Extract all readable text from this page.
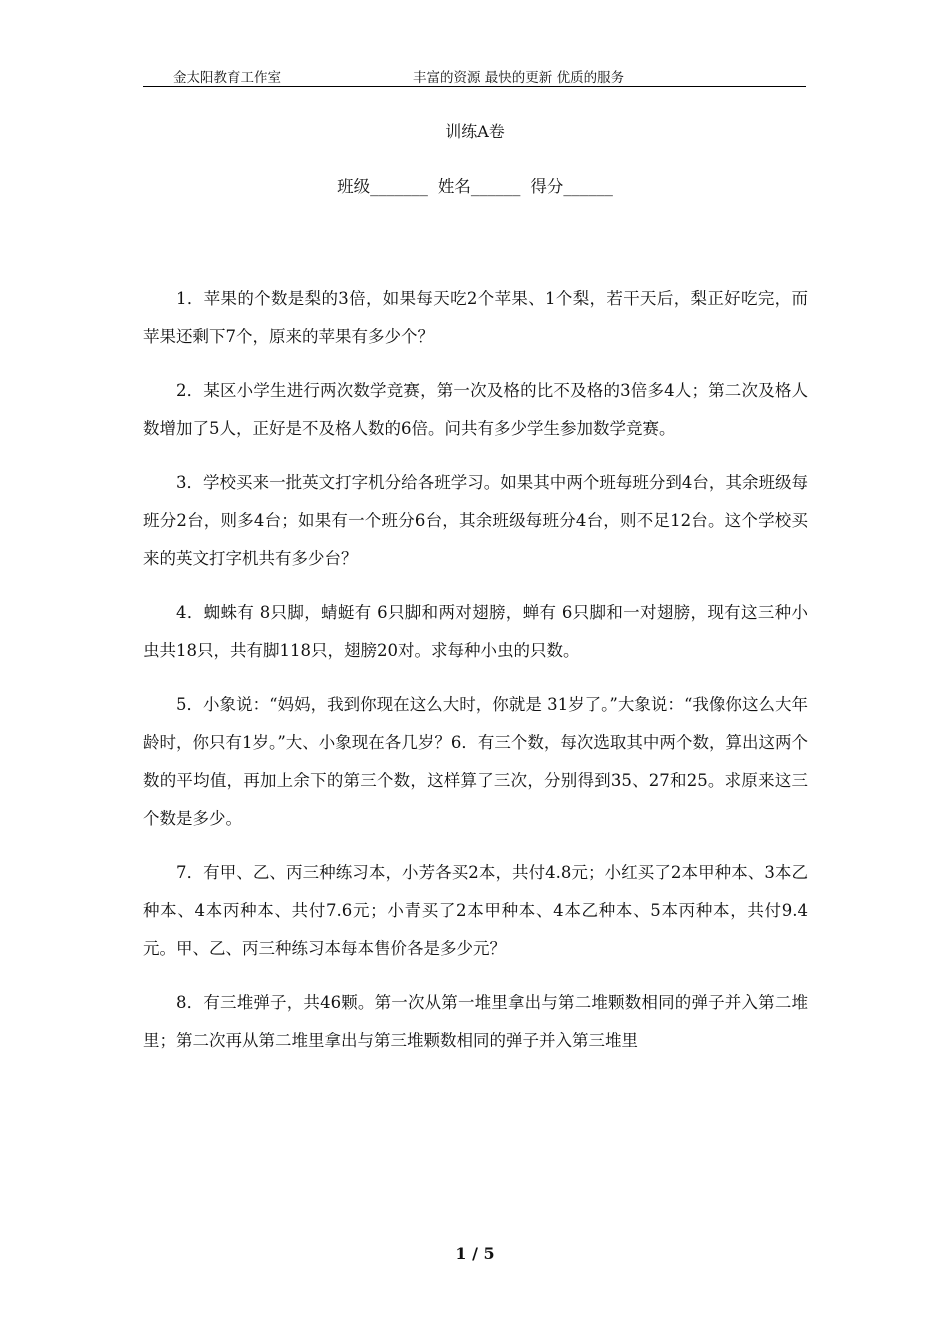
金太阳教育工作室	丰富的资源 最快的更新 优质的服务
训练A卷
班级_______ 姓名______ 得分______

1．苹果的个数是梨的3倍，如果每天吃2个苹果、1个梨，若干天后，梨正好吃完，而苹果还剩下7个，原来的苹果有多少个？

2．某区小学生进行两次数学竞赛，第一次及格的比不及格的3倍多4人；第二次及格人数增加了5人，正好是不及格人数的6倍。问共有多少学生参加数学竞赛。

3．学校买来一批英文打字机分给各班学习。如果其中两个班每班分到4台，其余班级每班分2台，则多4台；如果有一个班分6台，其余班级每班分4台，则不足12台。这个学校买来的英文打字机共有多少台？

4．蜘蛛有 8只脚，蜻蜓有 6只脚和两对翅膀，蝉有 6只脚和一对翅膀，现有这三种小虫共18只，共有脚118只，翅膀20对。求每种小虫的只数。

5．小象说：“妈妈，我到你现在这么大时，你就是 31岁了。”大象说：“我像你这么大年龄时，你只有1岁。”大、小象现在各几岁？6．有三个数，每次选取其中两个数，算出这两个数的平均值，再加上余下的第三个数，这样算了三次，分别得到35、27和25。求原来这三个数是多少。

7．有甲、乙、丙三种练习本，小芳各买2本，共付4.8元；小红买了2本甲种本、3本乙种本、4本丙种本、共付7.6元；小青买了2本甲种本、4本乙种本、5本丙种本，共付9.4元。甲、乙、丙三种练习本每本售价各是多少元？

8．有三堆弹子，共46颗。第一次从第一堆里拿出与第二堆颗数相同的弹子并入第二堆里；第二次再从第二堆里拿出与第三堆颗数相同的弹子并入第三堆里

1 / 5
